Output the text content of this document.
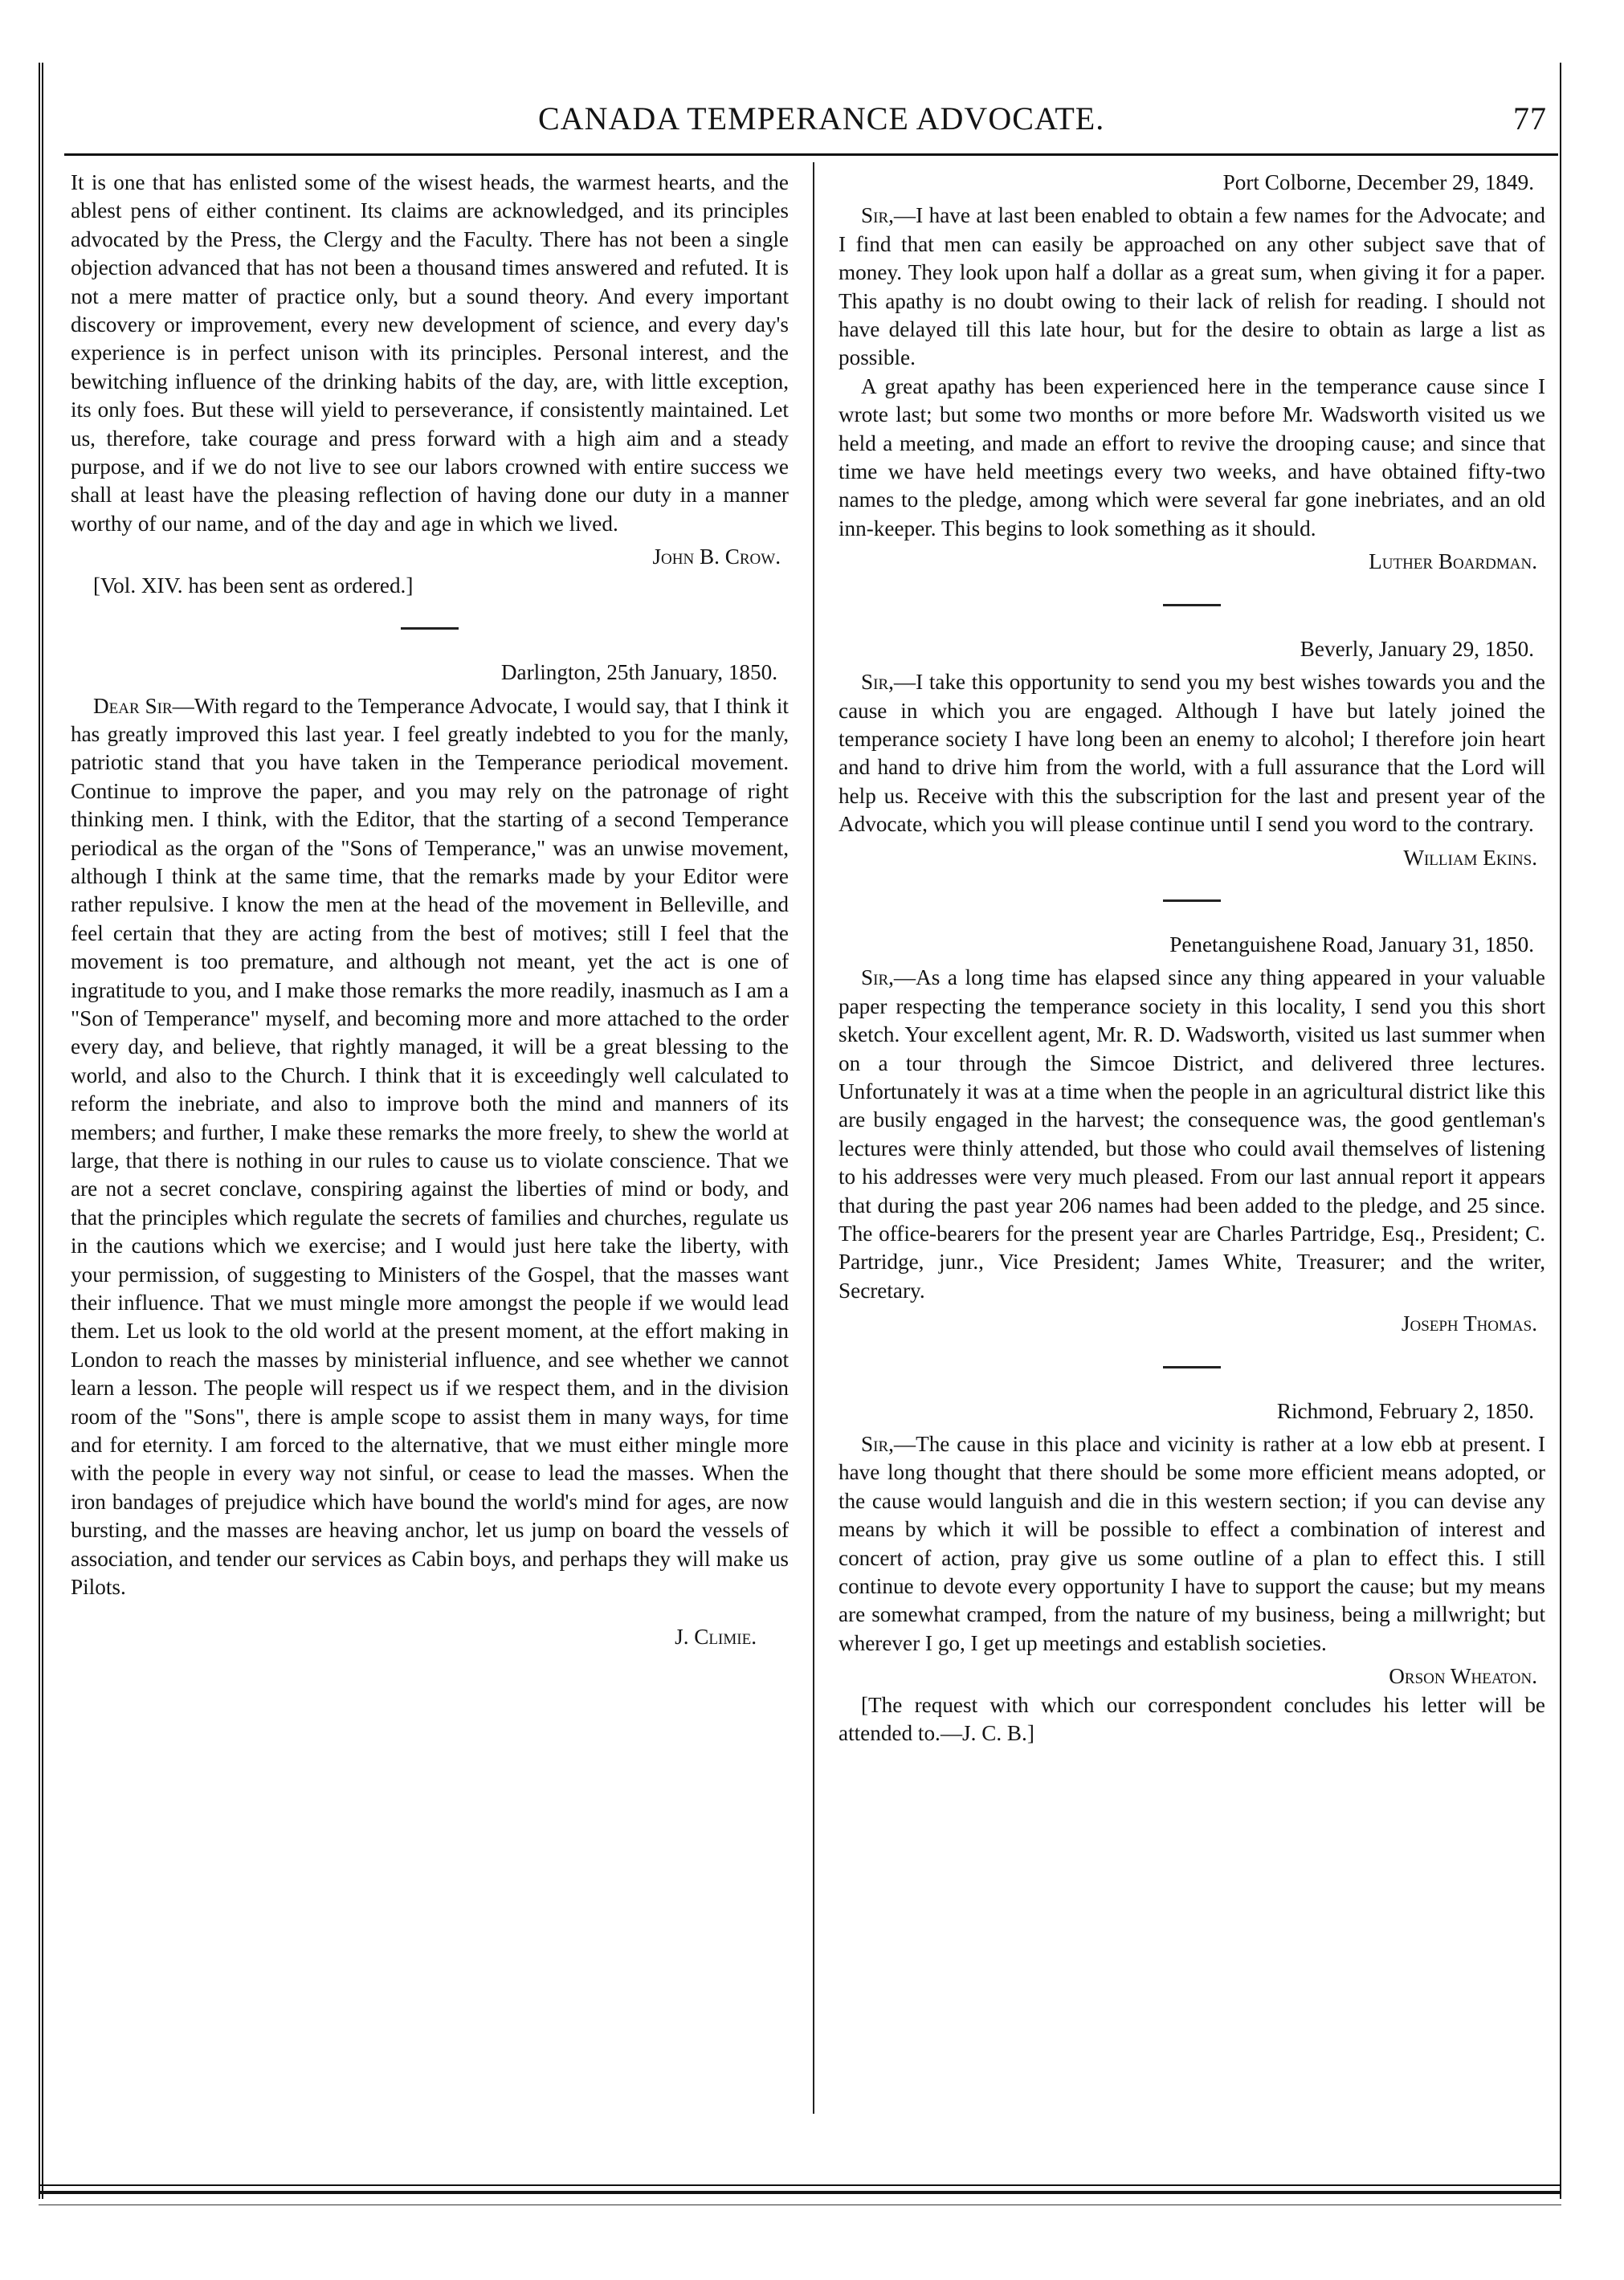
CANADA TEMPERANCE ADVOCATE.	77

It is one that has enlisted some of the wisest heads, the warmest hearts, and the ablest pens of either continent. Its claims are acknowledged, and its principles advocated by the Press, the Clergy and the Faculty. There has not been a single objection advanced that has not been a thousand times answered and refuted. It is not a mere matter of practice only, but a sound theory. And every important discovery or improvement, every new development of science, and every day's experience is in perfect unison with its principles. Personal interest, and the bewitching influence of the drinking habits of the day, are, with little exception, its only foes. But these will yield to perseverance, if consistently maintained. Let us, therefore, take courage and press forward with a high aim and a steady purpose, and if we do not live to see our labors crowned with entire success we shall at least have the pleasing reflection of having done our duty in a manner worthy of our name, and of the day and age in which we lived.

John B. Crow.

[Vol. XIV. has been sent as ordered.]

Darlington, 25th January, 1850.

Dear Sir—With regard to the Temperance Advocate, I would say, that I think it has greatly improved this last year. I feel greatly indebted to you for the manly, patriotic stand that you have taken in the Temperance periodical movement. Continue to improve the paper, and you may rely on the patronage of right thinking men. I think, with the Editor, that the starting of a second Temperance periodical as the organ of the "Sons of Temperance," was an unwise movement, although I think at the same time, that the remarks made by your Editor were rather repulsive. I know the men at the head of the movement in Belleville, and feel certain that they are acting from the best of motives; still I feel that the movement is too premature, and although not meant, yet the act is one of ingratitude to you, and I make those remarks the more readily, inasmuch as I am a "Son of Temperance" myself, and becoming more and more attached to the order every day, and believe, that rightly managed, it will be a great blessing to the world, and also to the Church. I think that it is exceedingly well calculated to reform the inebriate, and also to improve both the mind and manners of its members; and further, I make these remarks the more freely, to shew the world at large, that there is nothing in our rules to cause us to violate conscience. That we are not a secret conclave, conspiring against the liberties of mind or body, and that the principles which regulate the secrets of families and churches, regulate us in the cautions which we exercise; and I would just here take the liberty, with your permission, of suggesting to Ministers of the Gospel, that the masses want their influence. That we must mingle more amongst the people if we would lead them. Let us look to the old world at the present moment, at the effort making in London to reach the masses by ministerial influence, and see whether we cannot learn a lesson. The people will respect us if we respect them, and in the division room of the "Sons", there is ample scope to assist them in many ways, for time and for eternity. I am forced to the alternative, that we must either mingle more with the people in every way not sinful, or cease to lead the masses. When the iron bandages of prejudice which have bound the world's mind for ages, are now bursting, and the masses are heaving anchor, let us jump on board the vessels of association, and tender our services as Cabin boys, and perhaps they will make us Pilots.

J. Climie.
Port Colborne, December 29, 1849.

Sir,—I have at last been enabled to obtain a few names for the Advocate; and I find that men can easily be approached on any other subject save that of money. They look upon half a dollar as a great sum, when giving it for a paper. This apathy is no doubt owing to their lack of relish for reading. I should not have delayed till this late hour, but for the desire to obtain as large a list as possible.

A great apathy has been experienced here in the temperance cause since I wrote last; but some two months or more before Mr. Wadsworth visited us we held a meeting, and made an effort to revive the drooping cause; and since that time we have held meetings every two weeks, and have obtained fifty-two names to the pledge, among which were several far gone inebriates, and an old inn-keeper. This begins to look something as it should.

Luther Boardman.
Beverly, January 29, 1850.

Sir,—I take this opportunity to send you my best wishes towards you and the cause in which you are engaged. Although I have but lately joined the temperance society I have long been an enemy to alcohol; I therefore join heart and hand to drive him from the world, with a full assurance that the Lord will help us. Receive with this the subscription for the last and present year of the Advocate, which you will please continue until I send you word to the contrary.

William Ekins.
Penetanguishene Road, January 31, 1850.

Sir,—As a long time has elapsed since any thing appeared in your valuable paper respecting the temperance society in this locality, I send you this short sketch. Your excellent agent, Mr. R. D. Wadsworth, visited us last summer when on a tour through the Simcoe District, and delivered three lectures. Unfortunately it was at a time when the people in an agricultural district like this are busily engaged in the harvest; the consequence was, the good gentleman's lectures were thinly attended, but those who could avail themselves of listening to his addresses were very much pleased. From our last annual report it appears that during the past year 206 names had been added to the pledge, and 25 since. The office-bearers for the present year are Charles Partridge, Esq., President; C. Partridge, junr., Vice President; James White, Treasurer; and the writer, Secretary.

Joseph Thomas.
Richmond, February 2, 1850.

Sir,—The cause in this place and vicinity is rather at a low ebb at present. I have long thought that there should be some more efficient means adopted, or the cause would languish and die in this western section; if you can devise any means by which it will be possible to effect a combination of interest and concert of action, pray give us some outline of a plan to effect this. I still continue to devote every opportunity I have to support the cause; but my means are somewhat cramped, from the nature of my business, being a millwright; but wherever I go, I get up meetings and establish societies.

Orson Wheaton.

[The request with which our correspondent concludes his letter will be attended to.—J. C. B.]
